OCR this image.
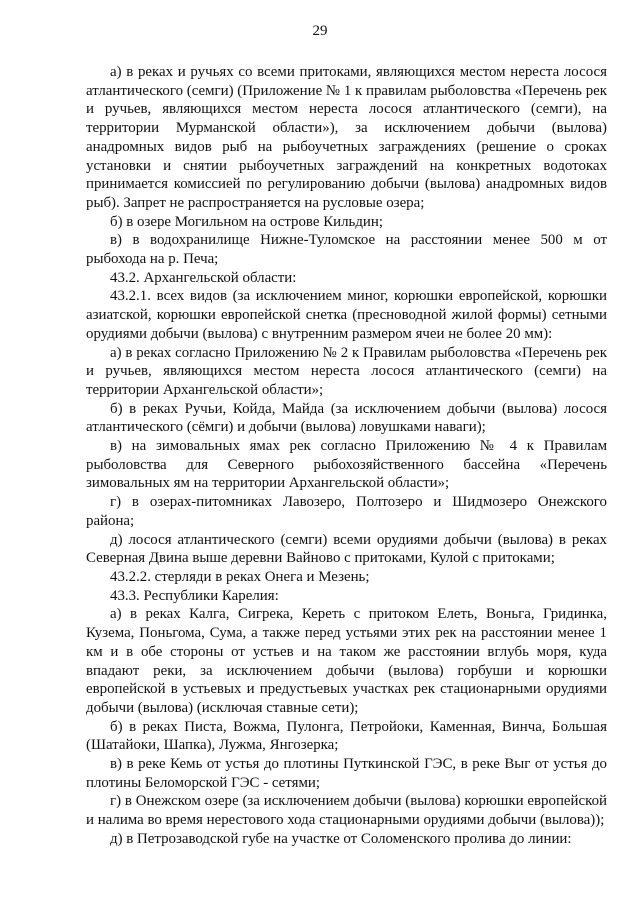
29

а) в реках и ручьях со всеми притоками, являющихся местом нереста лосося атлантического (семги) (Приложение № 1 к правилам рыболовства «Перечень рек и ручьев, являющихся местом нереста лосося атлантического (семги), на территории Мурманской области»), за исключением добычи (вылова) анадромных видов рыб на рыбоучетных заграждениях (решение о сроках установки и снятии рыбоучетных заграждений на конкретных водотоках принимается комиссией по регулированию добычи (вылова) анадромных видов рыб). Запрет не распространяется на русловые озера;

б) в озере Могильном на острове Кильдин;

в) в водохранилище Нижне-Туломское на расстоянии менее 500 м от рыбохода на р. Печа;

43.2. Архангельской области:

43.2.1. всех видов (за исключением миног, корюшки европейской, корюшки азиатской, корюшки европейской снетка (пресноводной жилой формы) сетными орудиями добычи (вылова) с внутренним размером ячеи не более 20 мм):

а) в реках согласно Приложению № 2 к Правилам рыболовства «Перечень рек и ручьев, являющихся местом нереста лосося атлантического (семги) на территории Архангельской области»;

б) в реках Ручьи, Койда, Майда (за исключением добычи (вылова) лосося атлантического (сёмги) и добычи (вылова) ловушками наваги);

в) на зимовальных ямах рек согласно Приложению № 4 к Правилам рыболовства для Северного рыбохозяйственного бассейна «Перечень зимовальных ям на территории Архангельской области»;

г) в озерах-питомниках Лавозеро, Полтозеро и Шидмозеро Онежского района;

д) лосося атлантического (семги) всеми орудиями добычи (вылова) в реках Северная Двина выше деревни Вайново с притоками, Кулой с притоками;

43.2.2. стерляди в реках Онега и Мезень;

43.3. Республики Карелия:

а) в реках Калга, Сигрека, Кереть с притоком Елеть, Воньга, Гридинка, Кузема, Поньгома, Сума, а также перед устьями этих рек на расстоянии менее 1 км и в обе стороны от устьев и на таком же расстоянии вглубь моря, куда впадают реки, за исключением добычи (вылова) горбуши и корюшки европейской в устьевых и предустьевых участках рек стационарными орудиями добычи (вылова) (исключая ставные сети);

б) в реках Писта, Вожма, Пулонга, Петройоки, Каменная, Винча, Большая (Шатайоки, Шапка), Лужма, Янгозерка;

в) в реке Кемь от устья до плотины Путкинской ГЭС, в реке Выг от устья до плотины Беломорской ГЭС - сетями;

г) в Онежском озере (за исключением добычи (вылова) корюшки европейской и налима во время нерестового хода стационарными орудиями добычи (вылова));

д) в Петрозаводской губе на участке от Соломенского пролива до линии:
